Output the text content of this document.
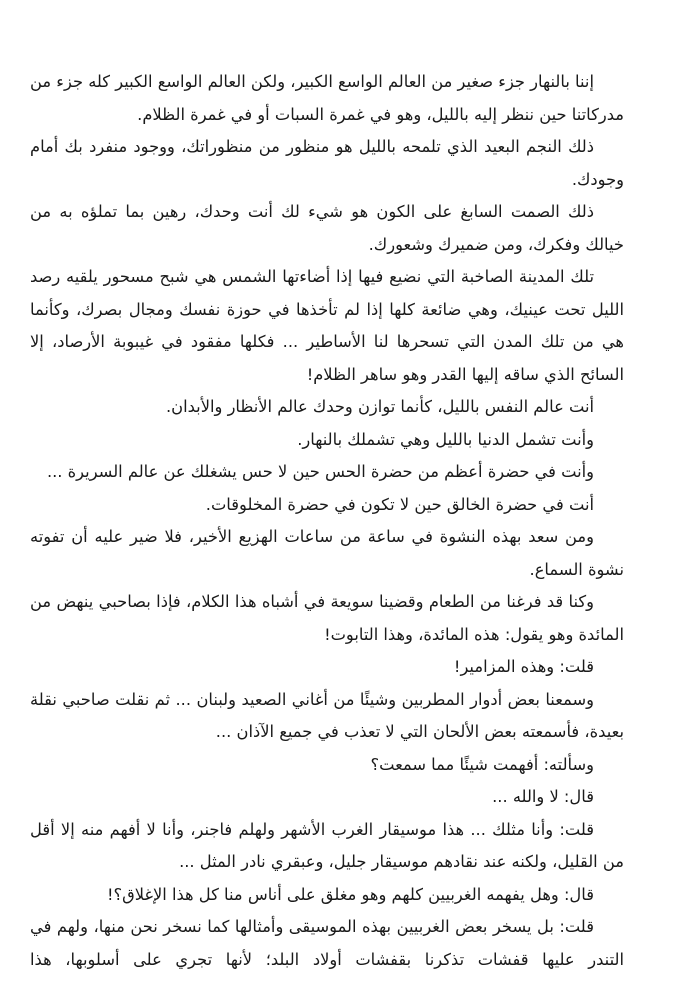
إننا بالنهار جزء صغير من العالم الواسع الكبير، ولكن العالم الواسع الكبير كله جزء من مدركاتنا حين ننظر إليه بالليل، وهو في غمرة السبات أو في غمرة الظلام.

ذلك النجم البعيد الذي تلمحه بالليل هو منظور من منظوراتك، ووجود منفرد بك أمام وجودك.

ذلك الصمت السابغ على الكون هو شيء لك أنت وحدك، رهين بما تملؤه به من خيالك وفكرك، ومن ضميرك وشعورك.

تلك المدينة الصاخبة التي نضيع فيها إذا أضاءتها الشمس هي شبح مسحور يلقيه رصد الليل تحت عينيك، وهي ضائعة كلها إذا لم تأخذها في حوزة نفسك ومجال بصرك، وكأنما هي من تلك المدن التي تسحرها لنا الأساطير ... فكلها مفقود في غيبوبة الأرصاد، إلا السائح الذي ساقه إليها القدر وهو ساهر الظلام!

أنت عالم النفس بالليل، كأنما توازن وحدك عالم الأنظار والأبدان.

وأنت تشمل الدنيا بالليل وهي تشملك بالنهار.

وأنت في حضرة أعظم من حضرة الحس حين لا حس يشغلك عن عالم السريرة ...

أنت في حضرة الخالق حين لا تكون في حضرة المخلوقات.

ومن سعد بهذه النشوة في ساعة من ساعات الهزيع الأخير، فلا ضير عليه أن تفوته نشوة السماع.

وكنا قد فرغنا من الطعام وقضينا سويعة في أشباه هذا الكلام، فإذا بصاحبي ينهض من المائدة وهو يقول: هذه المائدة، وهذا التابوت!

قلت: وهذه المزامير!

وسمعنا بعض أدوار المطربين وشيئًا من أغاني الصعيد ولبنان ... ثم نقلت صاحبي نقلة بعيدة، فأسمعته بعض الألحان التي لا تعذب في جميع الآذان ...

وسألته: أفهمت شيئًا مما سمعت؟

قال: لا والله ...

قلت: وأنا مثلك ... هذا موسيقار الغرب الأشهر ولهلم فاجنر، وأنا لا أفهم منه إلا أقل من القليل، ولكنه عند نقادهم موسيقار جليل، وعبقري نادر المثل ...

قال: وهل يفهمه الغربيين كلهم وهو مغلق على أناس منا كل هذا الإغلاق؟!

قلت: بل يسخر بعض الغربيين بهذه الموسيقى وأمثالها كما نسخر نحن منها، ولهم في التندر عليها قفشات تذكرنا بقفشات أولاد البلد؛ لأنها تجري على أسلوبها، هذا
